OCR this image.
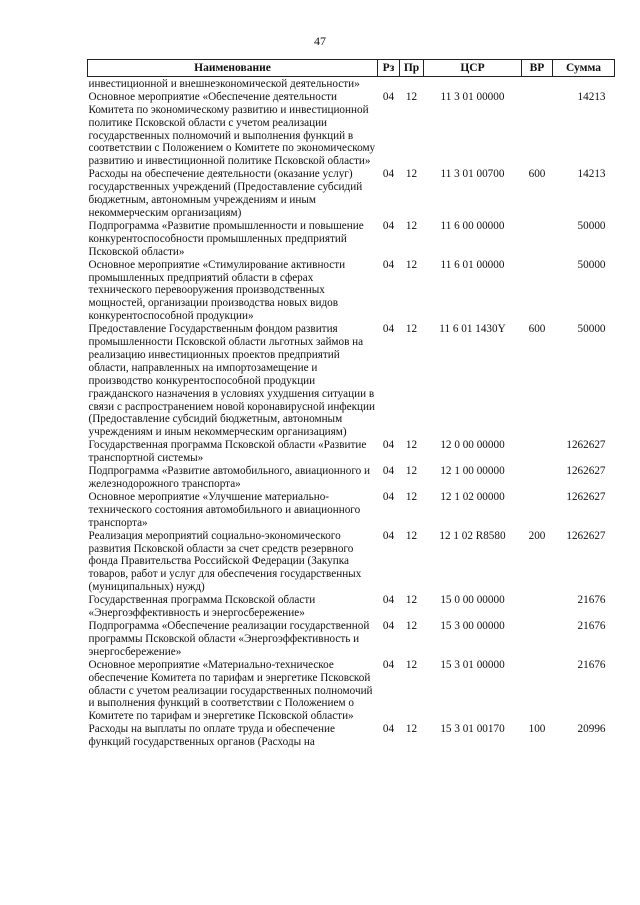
47
Наименование	Рз	Пр	ЦСР	ВР	Сумма
инвестиционной и внешнеэкономической деятельности»					
Основное мероприятие «Обеспечение деятельности Комитета по экономическому развитию и инвестиционной политике Псковской области с учетом реализации государственных полномочий и выполнения функций в соответствии с Положением о Комитете по экономическому развитию и инвестиционной политике Псковской области»	04	12	11 3 01 00000		14213
Расходы на обеспечение деятельности (оказание услуг) государственных учреждений (Предоставление субсидий бюджетным, автономным учреждениям и иным некоммерческим организациям)	04	12	11 3 01 00700	600	14213
Подпрограмма «Развитие промышленности и повышение конкурентоспособности промышленных предприятий Псковской области»	04	12	11 6 00 00000		50000
Основное мероприятие «Стимулирование активности промышленных предприятий области в сферах технического перевооружения производственных мощностей, организации производства новых видов конкурентоспособной продукции»	04	12	11 6 01 00000		50000
Предоставление Государственным фондом развития промышленности Псковской области льготных займов на реализацию инвестиционных проектов предприятий области, направленных на импортозамещение и производство конкурентоспособной продукции гражданского назначения в условиях ухудшения ситуации в связи с распространением новой коронавирусной инфекции (Предоставление субсидий бюджетным, автономным учреждениям и иным некоммерческим организациям)	04	12	11 6 01 1430Y	600	50000
Государственная программа Псковской области «Развитие транспортной системы»	04	12	12 0 00 00000		1262627
Подпрограмма «Развитие автомобильного, авиационного и железнодорожного транспорта»	04	12	12 1 00 00000		1262627
Основное мероприятие «Улучшение материально-технического состояния автомобильного и авиационного транспорта»	04	12	12 1 02 00000		1262627
Реализация мероприятий социально-экономического развития Псковской области за счет средств резервного фонда Правительства Российской Федерации (Закупка товаров, работ и услуг для обеспечения государственных (муниципальных) нужд)	04	12	12 1 02 R8580	200	1262627
Государственная программа Псковской области «Энергоэффективность и энергосбережение»	04	12	15 0 00 00000		21676
Подпрограмма «Обеспечение реализации государственной программы Псковской области «Энергоэффективность и энергосбережение»	04	12	15 3 00 00000		21676
Основное мероприятие «Материально-техническое обеспечение Комитета по тарифам и энергетике Псковской области с учетом реализации государственных полномочий и выполнения функций в соответствии с Положением о Комитете по тарифам и энергетике Псковской области»	04	12	15 3 01 00000		21676
Расходы на выплаты по оплате труда и обеспечение функций государственных органов (Расходы на	04	12	15 3 01 00170	100	20996
